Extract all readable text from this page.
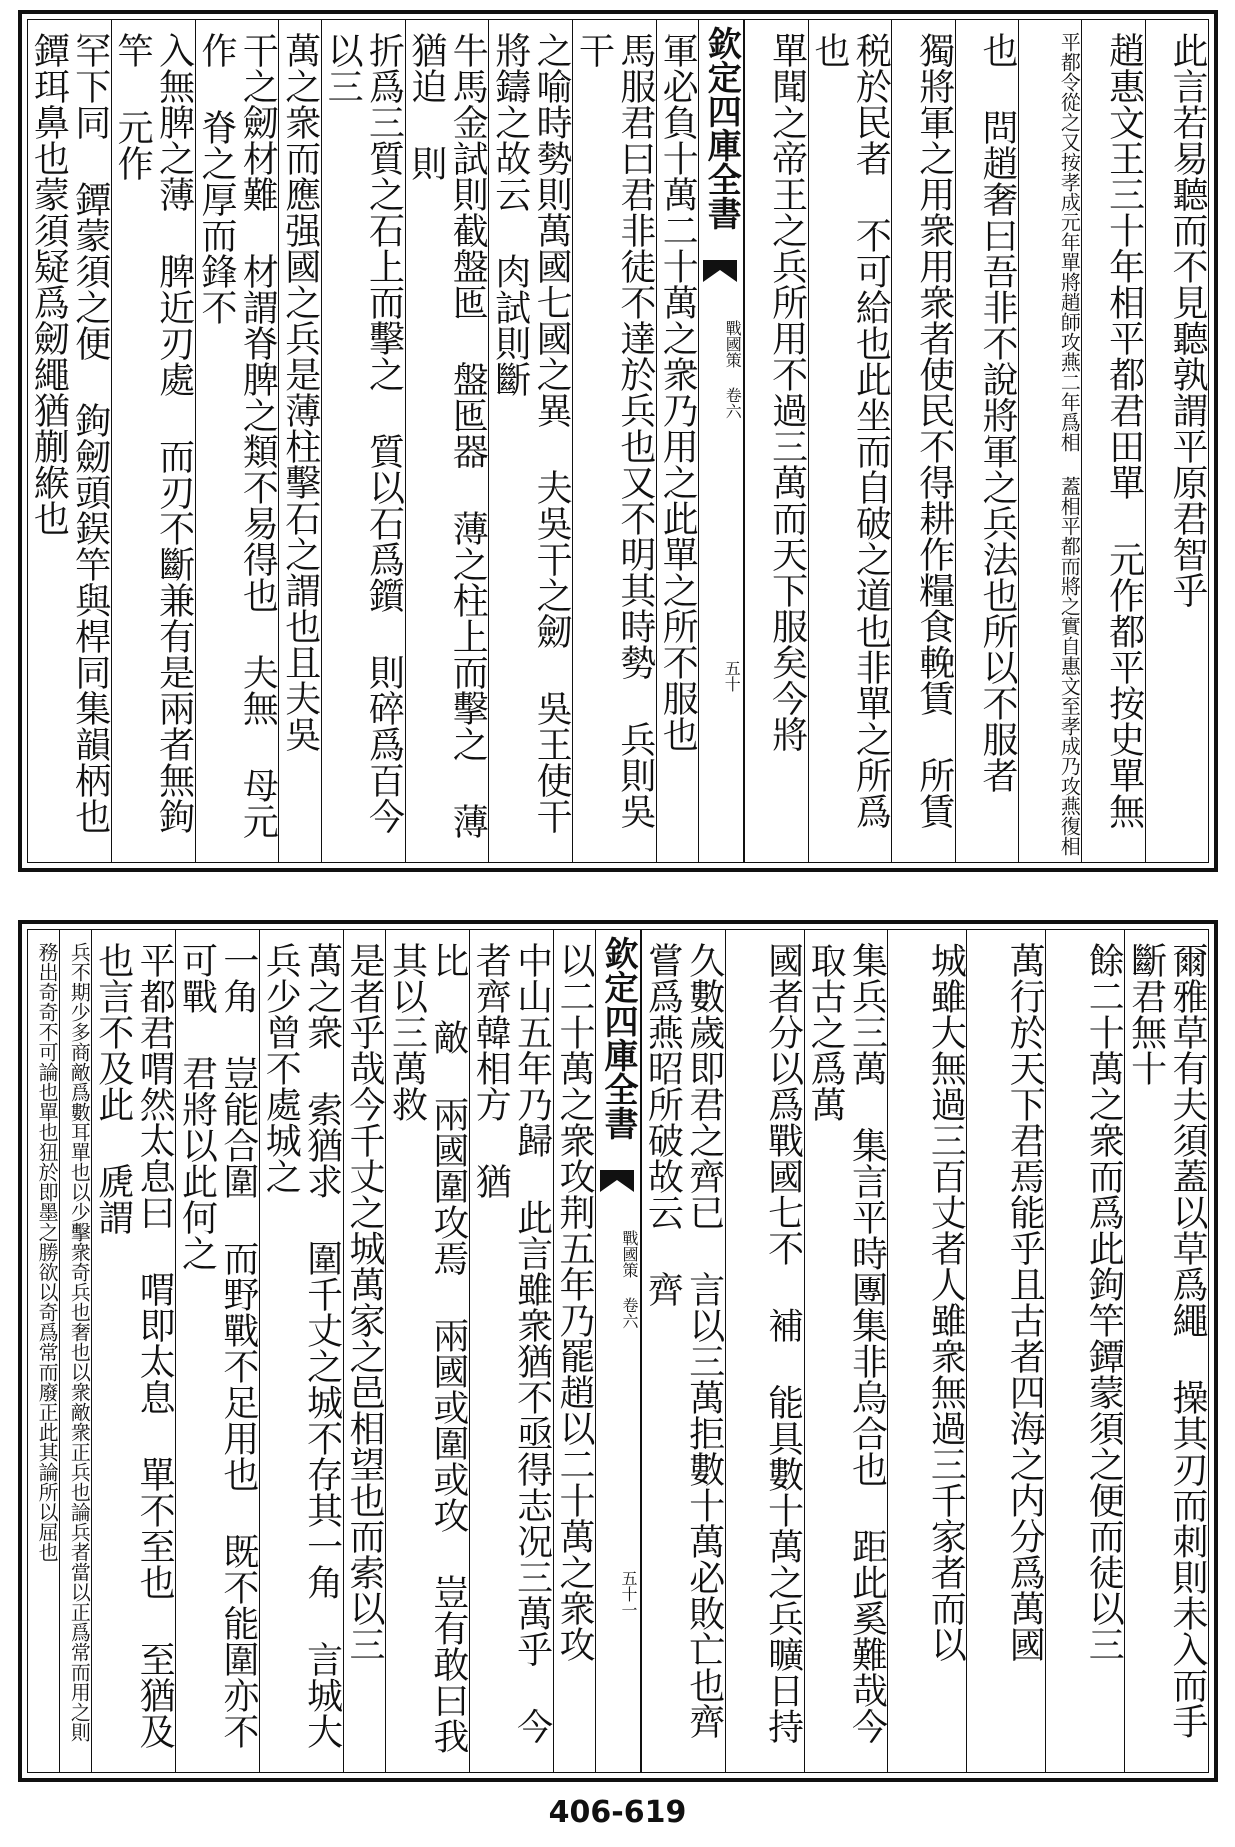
此言若易聽而不見聽孰謂平原君智乎
趙惠文王三十年相平都君田單 元作都平按史單無
平都令從之又按孝成元年單將趙師攻燕二年爲相 蓋相平都而將之實自惠文至孝成乃攻燕復相
也 問趙奢曰吾非不說將軍之兵法也所以不服者
獨將軍之用衆用衆者使民不得耕作糧食輓賃 所賃
税於民者 不可給也此坐而自破之道也非單之所爲也
單聞之帝王之兵所用不過三萬而天下服矣今將
欽定四庫全書
戰國策 卷六
五十
軍必負十萬二十萬之衆乃用之此單之所不服也
馬服君曰君非徒不達於兵也又不明其時勢 兵則吳干
之喻時勢則萬國七國之異 夫吳干之劒 吳王使干將鑄之故云 肉試則斷
牛馬金試則截盤匜 盤匜器 薄之柱上而擊之 薄猶迫 則
折爲三質之石上而擊之 質以石爲鑕 則碎爲百今以三
萬之衆而應强國之兵是薄柱擊石之謂也且夫吳
干之劒材難 材謂脊脾之類不易得也 夫無 母元作 脊之厚而鋒不
入無脾之薄 脾近刃處 而刃不斷兼有是兩者無鉤竿 元作
罕下同 鐔蒙須之便 鉤劒頭鋘竿與桿同集韻柄也鐔珥鼻也蒙須疑爲劒繩猶蒯緱也
爾雅草有夫須蓋以草爲繩 操其刃而刺則未入而手斷君無十
餘二十萬之衆而爲此鉤竿鐔蒙須之便而徒以三
萬行於天下君焉能乎且古者四海之内分爲萬國
城雖大無過三百丈者人雖衆無過三千家者而以
集兵三萬 集言平時團集非烏合也 距此奚難哉今取古之爲萬
國者分以爲戰國七不 補 能具數十萬之兵曠日持
久數歲即君之齊已 言以三萬拒數十萬必敗亡也齊嘗爲燕昭所破故云 齊
欽定四庫全書
戰國策 卷六
五十一
以二十萬之衆攻荆五年乃罷趙以二十萬之衆攻
中山五年乃歸 此言雖衆猶不亟得志况三萬乎 今者齊韓相方 猶
比 敵 兩國圍攻焉 兩國或圍或攻 豈有敢曰我其以三萬救
是者乎哉今千丈之城萬家之邑相望也而索以三
萬之衆 索猶求 圍千丈之城不存其一角 言城大兵少曾不處城之
一角 豈能合圍 而野戰不足用也 既不能圍亦不可戰 君將以此何之
平都君喟然太息曰 喟即太息 單不至也 至猶及也言不及此 虒謂
兵不期少多商敵爲數耳單也以少擊衆奇兵也奢也以衆敵衆正兵也論兵者當以正爲常而用之則
務出奇奇不可論也單也狃於即墨之勝欲以奇爲常而廢正此其論所以屈也
406-619
